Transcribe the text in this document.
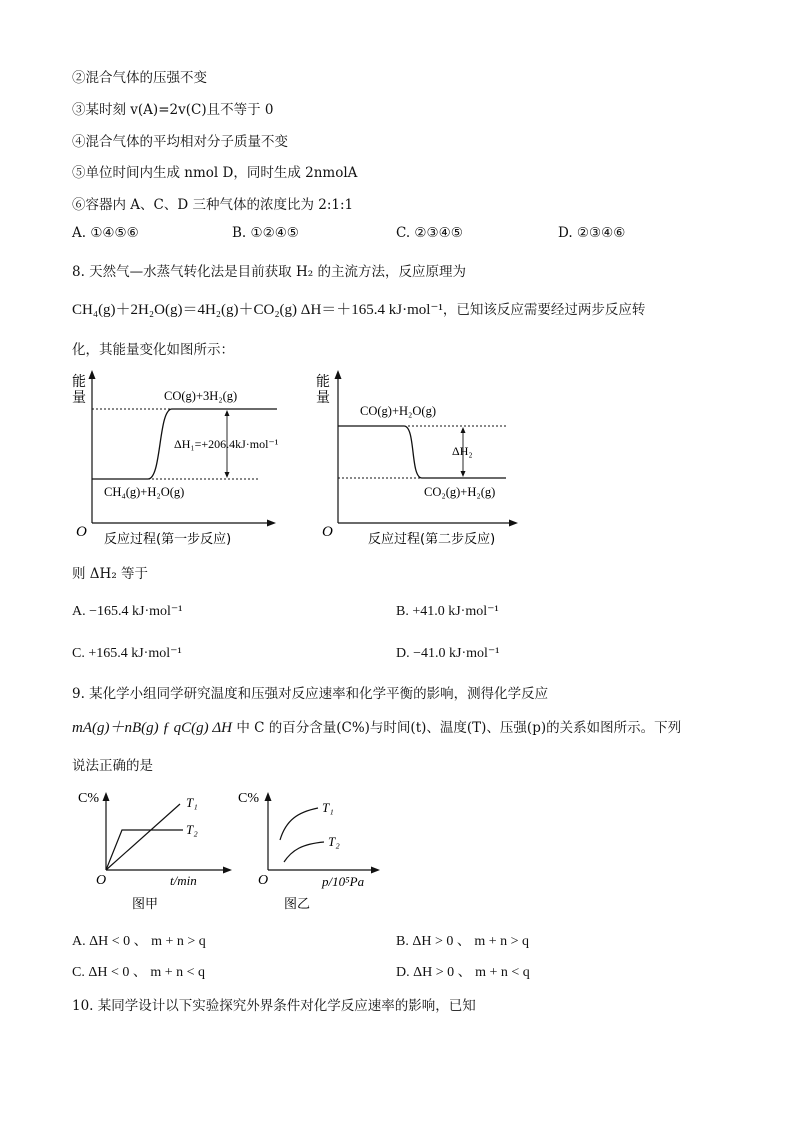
②混合气体的压强不变
③某时刻 v(A)=2v(C)且不等于 0
④混合气体的平均相对分子质量不变
⑤单位时间内生成 nmol D，同时生成 2nmolA
⑥容器内 A、C、D 三种气体的浓度比为 2:1:1
A. ①④⑤⑥	B. ①②④⑤	C. ②③④⑤	D. ②③④⑥
8. 天然气—水蒸气转化法是目前获取 H₂ 的主流方法，反应原理为
CH₄(g)＋2H₂O(g)＝4H₂(g)＋CO₂(g) ΔH＝＋165.4 kJ·mol⁻¹，已知该反应需要经过两步反应转
化，其能量变化如图所示：
能
量
O
CO(g)+3H₂(g)
CH₄(g)+H₂O(g)
ΔH₁=+206.4kJ·mol⁻¹
反应过程(第一步反应)
能
量
O
CO(g)+H₂O(g)
CO₂(g)+H₂(g)
ΔH₂
反应过程(第二步反应)
则 ΔH₂ 等于
A. −165.4 kJ·mol⁻¹	B. +41.0 kJ·mol⁻¹
C. +165.4 kJ·mol⁻¹	D. −41.0 kJ·mol⁻¹
9. 某化学小组同学研究温度和压强对反应速率和化学平衡的影响，测得化学反应
mA(g)＋nB(g) ƒ qC(g) ΔH 中 C 的百分含量(C%)与时间(t)、温度(T)、压强(p)的关系如图所示。下列
说法正确的是
C%
O	t/min
T₁
T₂
图甲
C%
O	p/10⁵Pa
T₁
T₂
图乙
A. ΔH < 0 、 m + n > q	B. ΔH > 0 、 m + n > q
C. ΔH < 0 、 m + n < q	D. ΔH > 0 、 m + n < q
10. 某同学设计以下实验探究外界条件对化学反应速率的影响，已知
